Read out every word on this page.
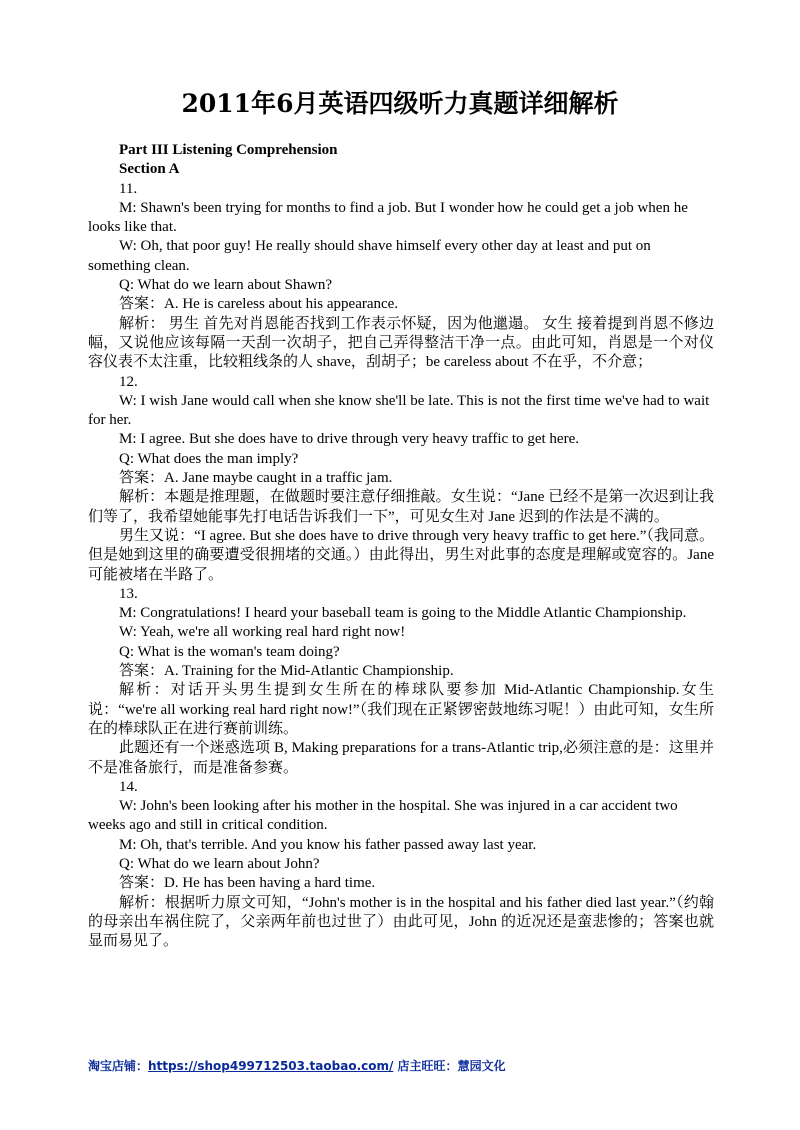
2011年6月英语四级听力真题详细解析

Part III Listening Comprehension

Section A

11.

M: Shawn's been trying for months to find a job. But I wonder how he could get a job when he looks like that.

W: Oh, that poor guy! He really should shave himself every other day at least and put on something clean.

Q: What do we learn about Shawn?

答案：A. He is careless about his appearance.

解析： 男生 首先对肖恩能否找到工作表示怀疑，因为他邋遢。 女生 接着提到肖恩不修边幅，又说他应该每隔一天刮一次胡子，把自己弄得整洁干净一点。由此可知，肖恩是一个对仪容仪表不太注重，比较粗线条的人 shave，刮胡子；be careless about 不在乎，不介意；

12.

W: I wish Jane would call when she know she'll be late. This is not the first time we've had to wait for her.

M: I agree. But she does have to drive through very heavy traffic to get here.

Q: What does the man imply?

答案：A. Jane maybe caught in a traffic jam.

解析：本题是推理题，在做题时要注意仔细推敲。女生说：“Jane 已经不是第一次迟到让我们等了，我希望她能事先打电话告诉我们一下”，可见女生对 Jane 迟到的作法是不满的。

男生又说：“I agree. But she does have to drive through very heavy traffic to get here.”（我同意。但是她到这里的确要遭受很拥堵的交通。）由此得出，男生对此事的态度是理解或宽容的。Jane 可能被堵在半路了。

13.

M: Congratulations! I heard your baseball team is going to the Middle Atlantic Championship.

W: Yeah, we're all working real hard right now!

Q: What is the woman's team doing?

答案：A. Training for the Mid-Atlantic Championship.

解析：对话开头男生提到女生所在的棒球队要参加 Mid-Atlantic Championship.女生说：“we're all working real hard right now!”（我们现在正紧锣密鼓地练习呢！）由此可知，女生所在的棒球队正在进行赛前训练。

此题还有一个迷惑选项 B, Making preparations for a trans-Atlantic trip,必须注意的是：这里并不是准备旅行，而是准备参赛。

14.

W: John's been looking after his mother in the hospital. She was injured in a car accident two weeks ago and still in critical condition.

M: Oh, that's terrible. And you know his father passed away last year.

Q: What do we learn about John?

答案：D. He has been having a hard time.

解析：根据听力原文可知，“John's mother is in the hospital and his father died last year.”（约翰的母亲出车祸住院了，父亲两年前也过世了）由此可见，John 的近况还是蛮悲惨的；答案也就显而易见了。

淘宝店铺：https://shop499712503.taobao.com/ 店主旺旺：慧园文化
